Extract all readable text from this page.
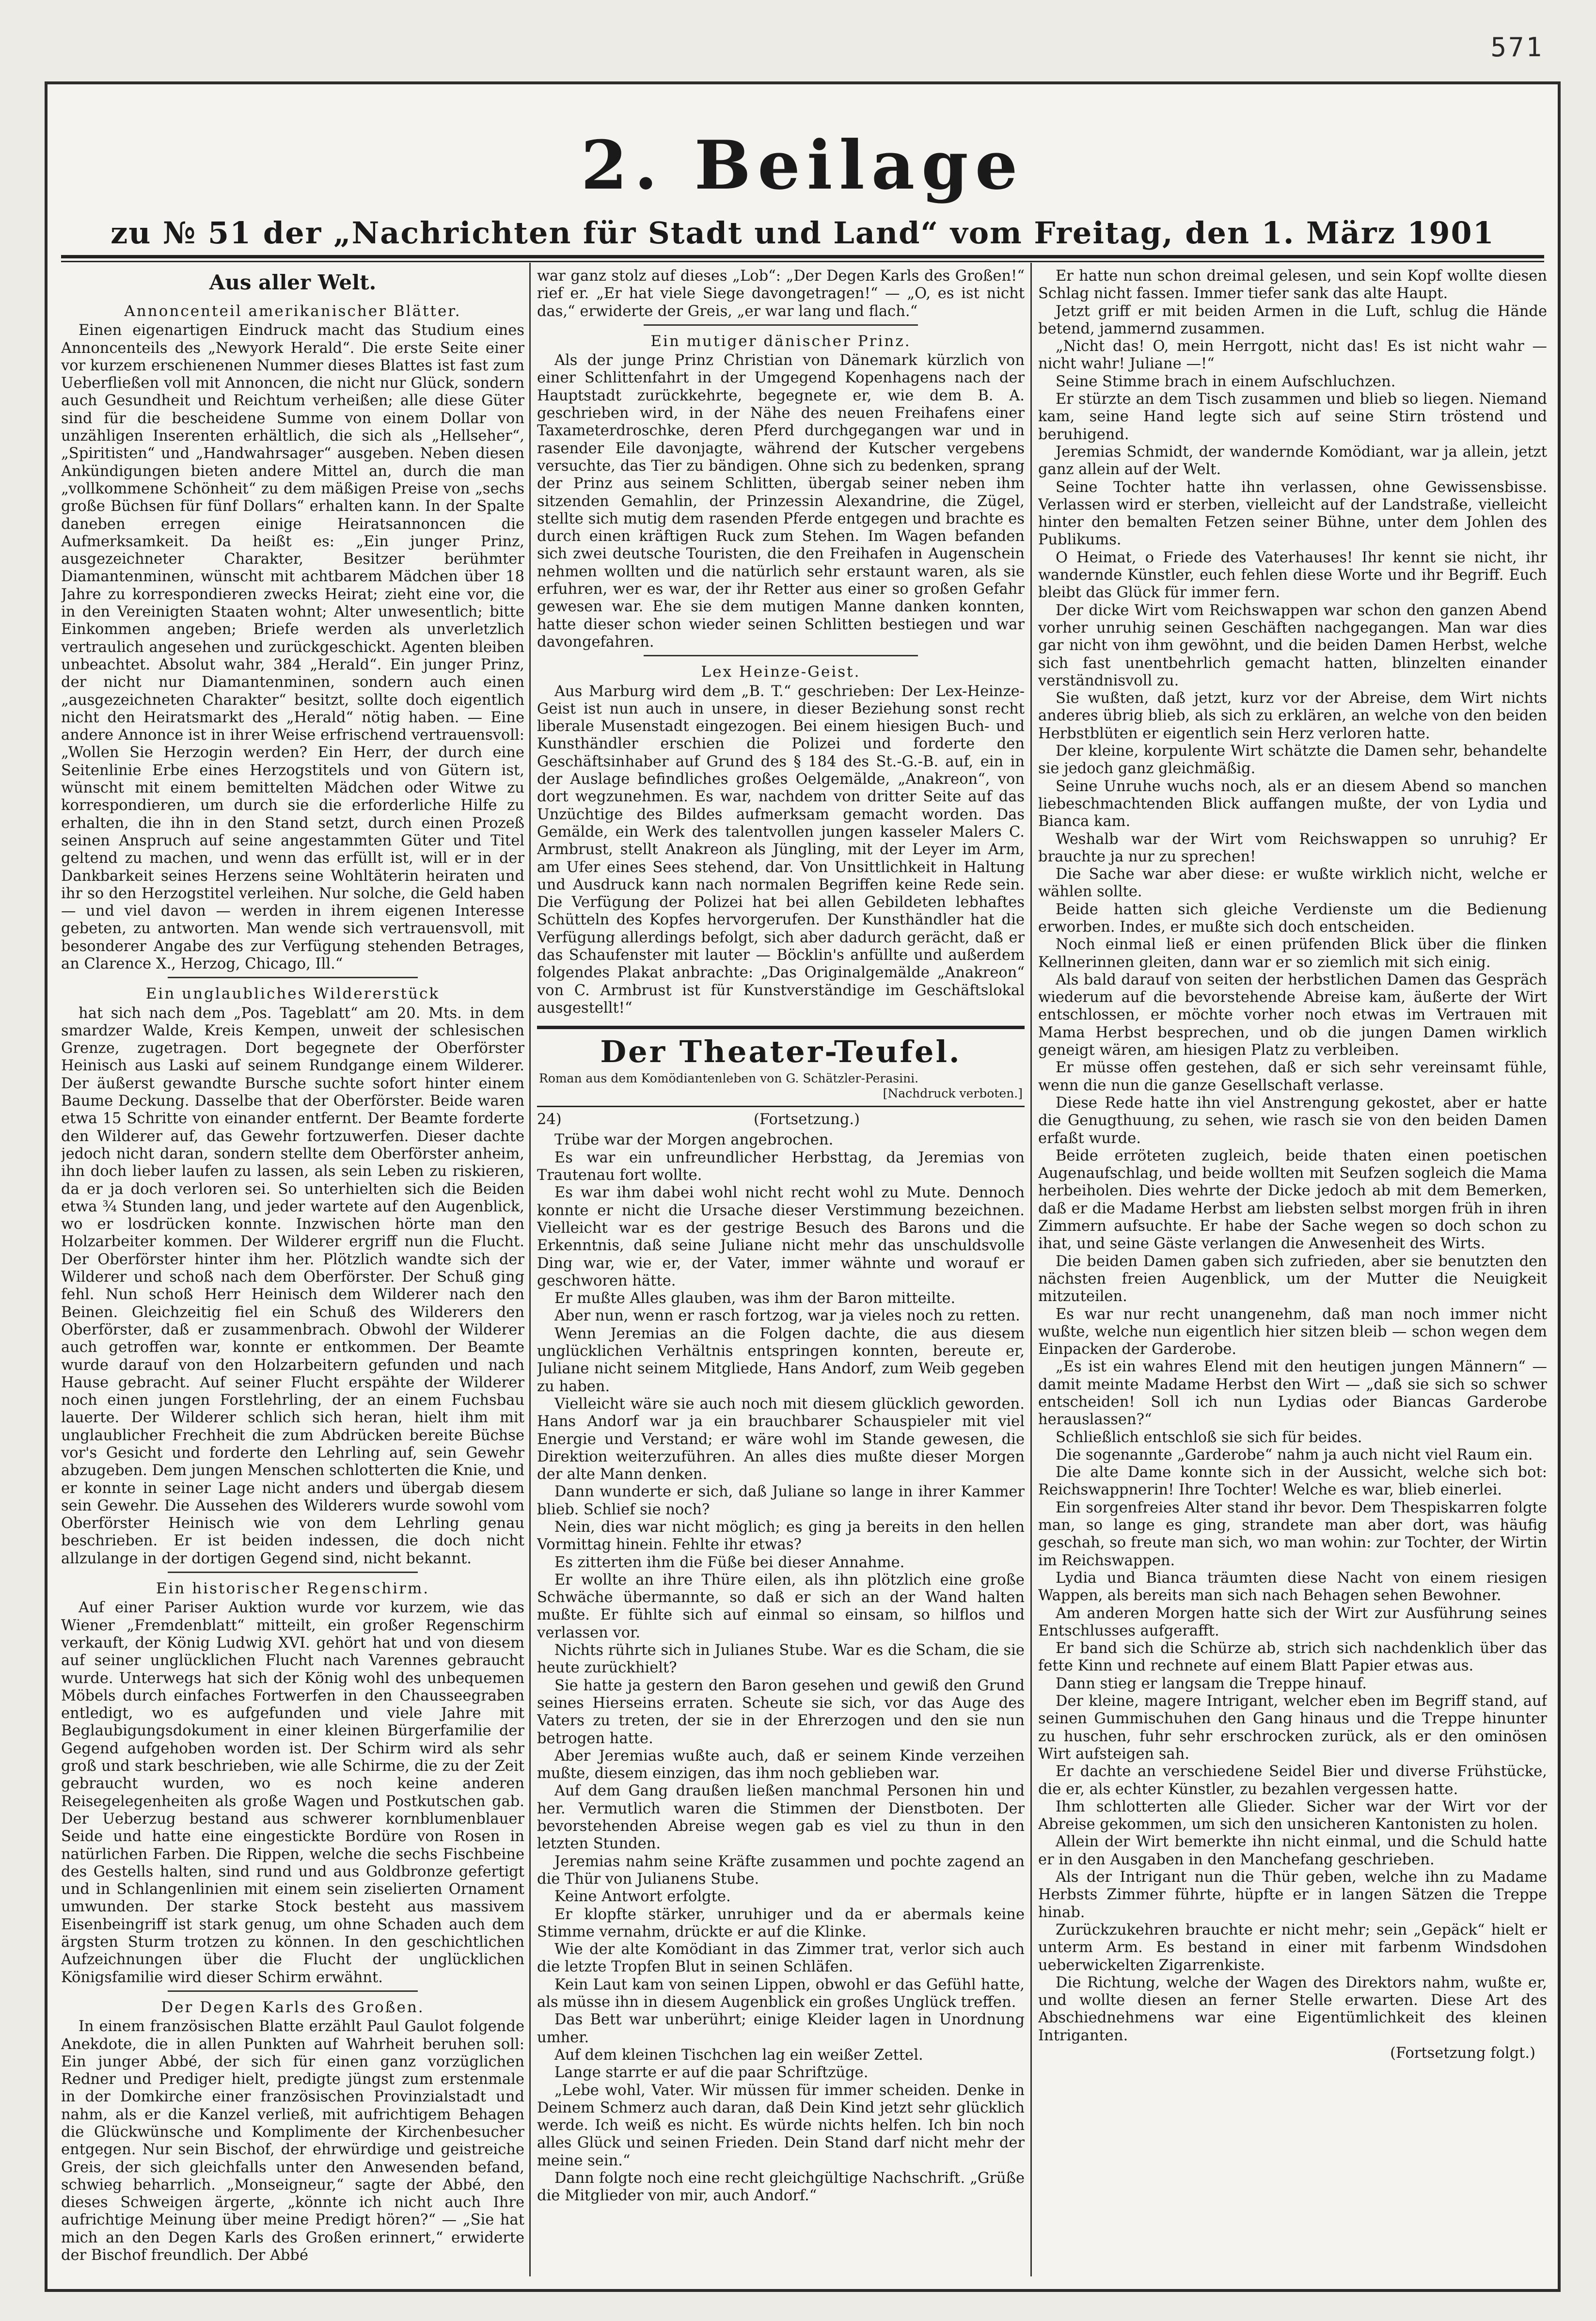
571
2. Beilage
zu № 51 der „Nachrichten für Stadt und Land“ vom Freitag, den 1. März 1901
Aus aller Welt.
Annoncenteil amerikanischer Blätter.

Einen eigenartigen Eindruck macht das Studium eines Annoncenteils des „Newyork Herald“. Die erste Seite einer vor kurzem erschienenen Nummer dieses Blattes ist fast zum Ueberfließen voll mit Annoncen, die nicht nur Glück, sondern auch Gesundheit und Reichtum verheißen; alle diese Güter sind für die bescheidene Summe von einem Dollar von unzähligen Inserenten erhältlich, die sich als „Hellseher“, „Spiritisten“ und „Handwahrsager“ ausgeben. Neben diesen Ankündigungen bieten andere Mittel an, durch die man „vollkommene Schönheit“ zu dem mäßigen Preise von „sechs große Büchsen für fünf Dollars“ erhalten kann. In der Spalte daneben erregen einige Heiratsannoncen die Aufmerksamkeit. Da heißt es: „Ein junger Prinz, ausgezeichneter Charakter, Besitzer berühmter Diamantenminen, wünscht mit achtbarem Mädchen über 18 Jahre zu korrespondieren zwecks Heirat; zieht eine vor, die in den Vereinigten Staaten wohnt; Alter unwesentlich; bitte Einkommen angeben; Briefe werden als unverletzlich vertraulich angesehen und zurückgeschickt. Agenten bleiben unbeachtet. Absolut wahr, 384 „Herald“. Ein junger Prinz, der nicht nur Diamantenminen, sondern auch einen „ausgezeichneten Charakter“ besitzt, sollte doch eigentlich nicht den Heiratsmarkt des „Herald“ nötig haben. — Eine andere Annonce ist in ihrer Weise erfrischend vertrauensvoll: „Wollen Sie Herzogin werden? Ein Herr, der durch eine Seitenlinie Erbe eines Herzogstitels und von Gütern ist, wünscht mit einem bemittelten Mädchen oder Witwe zu korrespondieren, um durch sie die erforderliche Hilfe zu erhalten, die ihn in den Stand setzt, durch einen Prozeß seinen Anspruch auf seine angestammten Güter und Titel geltend zu machen, und wenn das erfüllt ist, will er in der Dankbarkeit seines Herzens seine Wohltäterin heiraten und ihr so den Herzogstitel verleihen. Nur solche, die Geld haben — und viel davon — werden in ihrem eigenen Interesse gebeten, zu antworten. Man wende sich vertrauensvoll, mit besonderer Angabe des zur Verfügung stehenden Betrages, an Clarence X., Herzog, Chicago, Ill.“

Ein unglaubliches Wildererstück

hat sich nach dem „Pos. Tageblatt“ am 20. Mts. in dem smardzer Walde, Kreis Kempen, unweit der schlesischen Grenze, zugetragen. Dort begegnete der Oberförster Heinisch aus Laski auf seinem Rundgange einem Wilderer. Der äußerst gewandte Bursche suchte sofort hinter einem Baume Deckung. Dasselbe that der Oberförster. Beide waren etwa 15 Schritte von einander entfernt. Der Beamte forderte den Wilderer auf, das Gewehr fortzuwerfen. Dieser dachte jedoch nicht daran, sondern stellte dem Oberförster anheim, ihn doch lieber laufen zu lassen, als sein Leben zu riskieren, da er ja doch verloren sei. So unterhielten sich die Beiden etwa ¾ Stunden lang, und jeder wartete auf den Augenblick, wo er losdrücken konnte. Inzwischen hörte man den Holzarbeiter kommen. Der Wilderer ergriff nun die Flucht. Der Oberförster hinter ihm her. Plötzlich wandte sich der Wilderer und schoß nach dem Oberförster. Der Schuß ging fehl. Nun schoß Herr Heinisch dem Wilderer nach den Beinen. Gleichzeitig fiel ein Schuß des Wilderers den Oberförster, daß er zusammenbrach. Obwohl der Wilderer auch getroffen war, konnte er entkommen. Der Beamte wurde darauf von den Holzarbeitern gefunden und nach Hause gebracht. Auf seiner Flucht erspähte der Wilderer noch einen jungen Forstlehrling, der an einem Fuchsbau lauerte. Der Wilderer schlich sich heran, hielt ihm mit unglaublicher Frechheit die zum Abdrücken bereite Büchse vor's Gesicht und forderte den Lehrling auf, sein Gewehr abzugeben. Dem jungen Menschen schlotterten die Knie, und er konnte in seiner Lage nicht anders und übergab diesem sein Gewehr. Die Aussehen des Wilderers wurde sowohl vom Oberförster Heinisch wie von dem Lehrling genau beschrieben. Er ist beiden indessen, die doch nicht allzulange in der dortigen Gegend sind, nicht bekannt.

Ein historischer Regenschirm.

Auf einer Pariser Auktion wurde vor kurzem, wie das Wiener „Fremdenblatt“ mitteilt, ein großer Regenschirm verkauft, der König Ludwig XVI. gehört hat und von diesem auf seiner unglücklichen Flucht nach Varennes gebraucht wurde. Unterwegs hat sich der König wohl des unbequemen Möbels durch einfaches Fortwerfen in den Chausseegraben entledigt, wo es aufgefunden und viele Jahre mit Beglaubigungsdokument in einer kleinen Bürgerfamilie der Gegend aufgehoben worden ist. Der Schirm wird als sehr groß und stark beschrieben, wie alle Schirme, die zu der Zeit gebraucht wurden, wo es noch keine anderen Reisegelegenheiten als große Wagen und Postkutschen gab. Der Ueberzug bestand aus schwerer kornblumenblauer Seide und hatte eine eingestickte Bordüre von Rosen in natürlichen Farben. Die Rippen, welche die sechs Fischbeine des Gestells halten, sind rund und aus Goldbronze gefertigt und in Schlangenlinien mit einem sein ziselierten Ornament umwunden. Der starke Stock besteht aus massivem Eisenbeingriff ist stark genug, um ohne Schaden auch dem ärgsten Sturm trotzen zu können. In den geschichtlichen Aufzeichnungen über die Flucht der unglücklichen Königsfamilie wird dieser Schirm erwähnt.

Der Degen Karls des Großen.

In einem französischen Blatte erzählt Paul Gaulot folgende Anekdote, die in allen Punkten auf Wahrheit beruhen soll: Ein junger Abbé, der sich für einen ganz vorzüglichen Redner und Prediger hielt, predigte jüngst zum erstenmale in der Domkirche einer französischen Provinzialstadt und nahm, als er die Kanzel verließ, mit aufrichtigem Behagen die Glückwünsche und Komplimente der Kirchenbesucher entgegen. Nur sein Bischof, der ehrwürdige und geistreiche Greis, der sich gleichfalls unter den Anwesenden befand, schwieg beharrlich. „Monseigneur,“ sagte der Abbé, den dieses Schweigen ärgerte, „könnte ich nicht auch Ihre aufrichtige Meinung über meine Predigt hören?“ — „Sie hat mich an den Degen Karls des Großen erinnert,“ erwiderte der Bischof freundlich. Der Abbé

war ganz stolz auf dieses „Lob“: „Der Degen Karls des Großen!“ rief er. „Er hat viele Siege davongetragen!“ — „O, es ist nicht das,“ erwiderte der Greis, „er war lang und flach.“

Ein mutiger dänischer Prinz.

Als der junge Prinz Christian von Dänemark kürzlich von einer Schlittenfahrt in der Umgegend Kopenhagens nach der Hauptstadt zurückkehrte, begegnete er, wie dem B. A. geschrieben wird, in der Nähe des neuen Freihafens einer Taxameterdroschke, deren Pferd durchgegangen war und in rasender Eile davonjagte, während der Kutscher vergebens versuchte, das Tier zu bändigen. Ohne sich zu bedenken, sprang der Prinz aus seinem Schlitten, übergab seiner neben ihm sitzenden Gemahlin, der Prinzessin Alexandrine, die Zügel, stellte sich mutig dem rasenden Pferde entgegen und brachte es durch einen kräftigen Ruck zum Stehen. Im Wagen befanden sich zwei deutsche Touristen, die den Freihafen in Augenschein nehmen wollten und die natürlich sehr erstaunt waren, als sie erfuhren, wer es war, der ihr Retter aus einer so großen Gefahr gewesen war. Ehe sie dem mutigen Manne danken konnten, hatte dieser schon wieder seinen Schlitten bestiegen und war davongefahren.

Lex Heinze-Geist.

Aus Marburg wird dem „B. T.“ geschrieben: Der Lex-Heinze-Geist ist nun auch in unsere, in dieser Beziehung sonst recht liberale Musenstadt eingezogen. Bei einem hiesigen Buch- und Kunsthändler erschien die Polizei und forderte den Geschäftsinhaber auf Grund des § 184 des St.-G.-B. auf, ein in der Auslage befindliches großes Oelgemälde, „Anakreon“, von dort wegzunehmen. Es war, nachdem von dritter Seite auf das Unzüchtige des Bildes aufmerksam gemacht worden. Das Gemälde, ein Werk des talentvollen jungen kasseler Malers C. Armbrust, stellt Anakreon als Jüngling, mit der Leyer im Arm, am Ufer eines Sees stehend, dar. Von Unsittlichkeit in Haltung und Ausdruck kann nach normalen Begriffen keine Rede sein. Die Verfügung der Polizei hat bei allen Gebildeten lebhaftes Schütteln des Kopfes hervorgerufen. Der Kunsthändler hat die Verfügung allerdings befolgt, sich aber dadurch gerächt, daß er das Schaufenster mit lauter — Böcklin's anfüllte und außerdem folgendes Plakat anbrachte: „Das Originalgemälde „Anakreon“ von C. Armbrust ist für Kunstverständige im Geschäftslokal ausgestellt!“

Der Theater-Teufel.
Roman aus dem Komödiantenleben von G. Schätzler-Perasini.
[Nachdruck verboten.]
24)	(Fortsetzung.)

Trübe war der Morgen angebrochen.

Es war ein unfreundlicher Herbsttag, da Jeremias von Trautenau fort wollte.

Es war ihm dabei wohl nicht recht wohl zu Mute. Dennoch konnte er nicht die Ursache dieser Verstimmung bezeichnen. Vielleicht war es der gestrige Besuch des Barons und die Erkenntnis, daß seine Juliane nicht mehr das unschuldsvolle Ding war, wie er, der Vater, immer wähnte und worauf er geschworen hätte.

Er mußte Alles glauben, was ihm der Baron mitteilte.

Aber nun, wenn er rasch fortzog, war ja vieles noch zu retten.

Wenn Jeremias an die Folgen dachte, die aus diesem unglücklichen Verhältnis entspringen konnten, bereute er, Juliane nicht seinem Mitgliede, Hans Andorf, zum Weib gegeben zu haben.

Vielleicht wäre sie auch noch mit diesem glücklich geworden. Hans Andorf war ja ein brauchbarer Schauspieler mit viel Energie und Verstand; er wäre wohl im Stande gewesen, die Direktion weiterzuführen. An alles dies mußte dieser Morgen der alte Mann denken.

Dann wunderte er sich, daß Juliane so lange in ihrer Kammer blieb. Schlief sie noch?

Nein, dies war nicht möglich; es ging ja bereits in den hellen Vormittag hinein. Fehlte ihr etwas?

Es zitterten ihm die Füße bei dieser Annahme.

Er wollte an ihre Thüre eilen, als ihn plötzlich eine große Schwäche übermannte, so daß er sich an der Wand halten mußte. Er fühlte sich auf einmal so einsam, so hilflos und verlassen vor.

Nichts rührte sich in Julianes Stube. War es die Scham, die sie heute zurückhielt?

Sie hatte ja gestern den Baron gesehen und gewiß den Grund seines Hierseins erraten. Scheute sie sich, vor das Auge des Vaters zu treten, der sie in der Ehrerzogen und den sie nun betrogen hatte.

Aber Jeremias wußte auch, daß er seinem Kinde verzeihen mußte, diesem einzigen, das ihm noch geblieben war.

Auf dem Gang draußen ließen manchmal Personen hin und her. Vermutlich waren die Stimmen der Dienstboten. Der bevorstehenden Abreise wegen gab es viel zu thun in den letzten Stunden.

Jeremias nahm seine Kräfte zusammen und pochte zagend an die Thür von Julianens Stube.

Keine Antwort erfolgte.

Er klopfte stärker, unruhiger und da er abermals keine Stimme vernahm, drückte er auf die Klinke.

Wie der alte Komödiant in das Zimmer trat, verlor sich auch die letzte Tropfen Blut in seinen Schläfen.

Kein Laut kam von seinen Lippen, obwohl er das Gefühl hatte, als müsse ihn in diesem Augenblick ein großes Unglück treffen.

Das Bett war unberührt; einige Kleider lagen in Unordnung umher.

Auf dem kleinen Tischchen lag ein weißer Zettel.

Lange starrte er auf die paar Schriftzüge.

„Lebe wohl, Vater. Wir müssen für immer scheiden. Denke in Deinem Schmerz auch daran, daß Dein Kind jetzt sehr glücklich werde. Ich weiß es nicht. Es würde nichts helfen. Ich bin noch alles Glück und seinen Frieden. Dein Stand darf nicht mehr der meine sein.“

Dann folgte noch eine recht gleichgültige Nachschrift. „Grüße die Mitglieder von mir, auch Andorf.“

Er hatte nun schon dreimal gelesen, und sein Kopf wollte diesen Schlag nicht fassen. Immer tiefer sank das alte Haupt.

Jetzt griff er mit beiden Armen in die Luft, schlug die Hände betend, jammernd zusammen.

„Nicht das! O, mein Herrgott, nicht das! Es ist nicht wahr — nicht wahr! Juliane —!“

Seine Stimme brach in einem Aufschluchzen.

Er stürzte an dem Tisch zusammen und blieb so liegen. Niemand kam, seine Hand legte sich auf seine Stirn tröstend und beruhigend.

Jeremias Schmidt, der wandernde Komödiant, war ja allein, jetzt ganz allein auf der Welt.

Seine Tochter hatte ihn verlassen, ohne Gewissensbisse. Verlassen wird er sterben, vielleicht auf der Landstraße, vielleicht hinter den bemalten Fetzen seiner Bühne, unter dem Johlen des Publikums.

O Heimat, o Friede des Vaterhauses! Ihr kennt sie nicht, ihr wandernde Künstler, euch fehlen diese Worte und ihr Begriff. Euch bleibt das Glück für immer fern.

Der dicke Wirt vom Reichswappen war schon den ganzen Abend vorher unruhig seinen Geschäften nachgegangen. Man war dies gar nicht von ihm gewöhnt, und die beiden Damen Herbst, welche sich fast unentbehrlich gemacht hatten, blinzelten einander verständnisvoll zu.

Sie wußten, daß jetzt, kurz vor der Abreise, dem Wirt nichts anderes übrig blieb, als sich zu erklären, an welche von den beiden Herbstblüten er eigentlich sein Herz verloren hatte.

Der kleine, korpulente Wirt schätzte die Damen sehr, behandelte sie jedoch ganz gleichmäßig.

Seine Unruhe wuchs noch, als er an diesem Abend so manchen liebeschmachtenden Blick auffangen mußte, der von Lydia und Bianca kam.

Weshalb war der Wirt vom Reichswappen so unruhig? Er brauchte ja nur zu sprechen!

Die Sache war aber diese: er wußte wirklich nicht, welche er wählen sollte.

Beide hatten sich gleiche Verdienste um die Bedienung erworben. Indes, er mußte sich doch entscheiden.

Noch einmal ließ er einen prüfenden Blick über die flinken Kellnerinnen gleiten, dann war er so ziemlich mit sich einig.

Als bald darauf von seiten der herbstlichen Damen das Gespräch wiederum auf die bevorstehende Abreise kam, äußerte der Wirt entschlossen, er möchte vorher noch etwas im Vertrauen mit Mama Herbst besprechen, und ob die jungen Damen wirklich geneigt wären, am hiesigen Platz zu verbleiben.

Er müsse offen gestehen, daß er sich sehr vereinsamt fühle, wenn die nun die ganze Gesellschaft verlasse.

Diese Rede hatte ihn viel Anstrengung gekostet, aber er hatte die Genugthuung, zu sehen, wie rasch sie von den beiden Damen erfaßt wurde.

Beide erröteten zugleich, beide thaten einen poetischen Augenaufschlag, und beide wollten mit Seufzen sogleich die Mama herbeiholen. Dies wehrte der Dicke jedoch ab mit dem Bemerken, daß er die Madame Herbst am liebsten selbst morgen früh in ihren Zimmern aufsuchte. Er habe der Sache wegen so doch schon zu ihat, und seine Gäste verlangen die Anwesenheit des Wirts.

Die beiden Damen gaben sich zufrieden, aber sie benutzten den nächsten freien Augenblick, um der Mutter die Neuigkeit mitzuteilen.

Es war nur recht unangenehm, daß man noch immer nicht wußte, welche nun eigentlich hier sitzen bleib — schon wegen dem Einpacken der Garderobe.

„Es ist ein wahres Elend mit den heutigen jungen Männern“ — damit meinte Madame Herbst den Wirt — „daß sie sich so schwer entscheiden! Soll ich nun Lydias oder Biancas Garderobe herauslassen?“

Schließlich entschloß sie sich für beides.

Die sogenannte „Garderobe“ nahm ja auch nicht viel Raum ein.

Die alte Dame konnte sich in der Aussicht, welche sich bot: Reichswappnerin! Ihre Tochter! Welche es war, blieb einerlei.

Ein sorgenfreies Alter stand ihr bevor. Dem Thespiskarren folgte man, so lange es ging, strandete man aber dort, was häufig geschah, so freute man sich, wo man wohin: zur Tochter, der Wirtin im Reichswappen.

Lydia und Bianca träumten diese Nacht von einem riesigen Wappen, als bereits man sich nach Behagen sehen Bewohner.

Am anderen Morgen hatte sich der Wirt zur Ausführung seines Entschlusses aufgerafft.

Er band sich die Schürze ab, strich sich nachdenklich über das fette Kinn und rechnete auf einem Blatt Papier etwas aus.

Dann stieg er langsam die Treppe hinauf.

Der kleine, magere Intrigant, welcher eben im Begriff stand, auf seinen Gummischuhen den Gang hinaus und die Treppe hinunter zu huschen, fuhr sehr erschrocken zurück, als er den ominösen Wirt aufsteigen sah.

Er dachte an verschiedene Seidel Bier und diverse Frühstücke, die er, als echter Künstler, zu bezahlen vergessen hatte.

Ihm schlotterten alle Glieder. Sicher war der Wirt vor der Abreise gekommen, um sich den unsicheren Kantonisten zu holen.

Allein der Wirt bemerkte ihn nicht einmal, und die Schuld hatte er in den Ausgaben in den Manchefang geschrieben.

Als der Intrigant nun die Thür geben, welche ihn zu Madame Herbsts Zimmer führte, hüpfte er in langen Sätzen die Treppe hinab.

Zurückzukehren brauchte er nicht mehr; sein „Gepäck“ hielt er unterm Arm. Es bestand in einer mit farbenm Windsdohen ueberwickelten Zigarrenkiste.

Die Richtung, welche der Wagen des Direktors nahm, wußte er, und wollte diesen an ferner Stelle erwarten. Diese Art des Abschiednehmens war eine Eigentümlichkeit des kleinen Intriganten.

(Fortsetzung folgt.)
